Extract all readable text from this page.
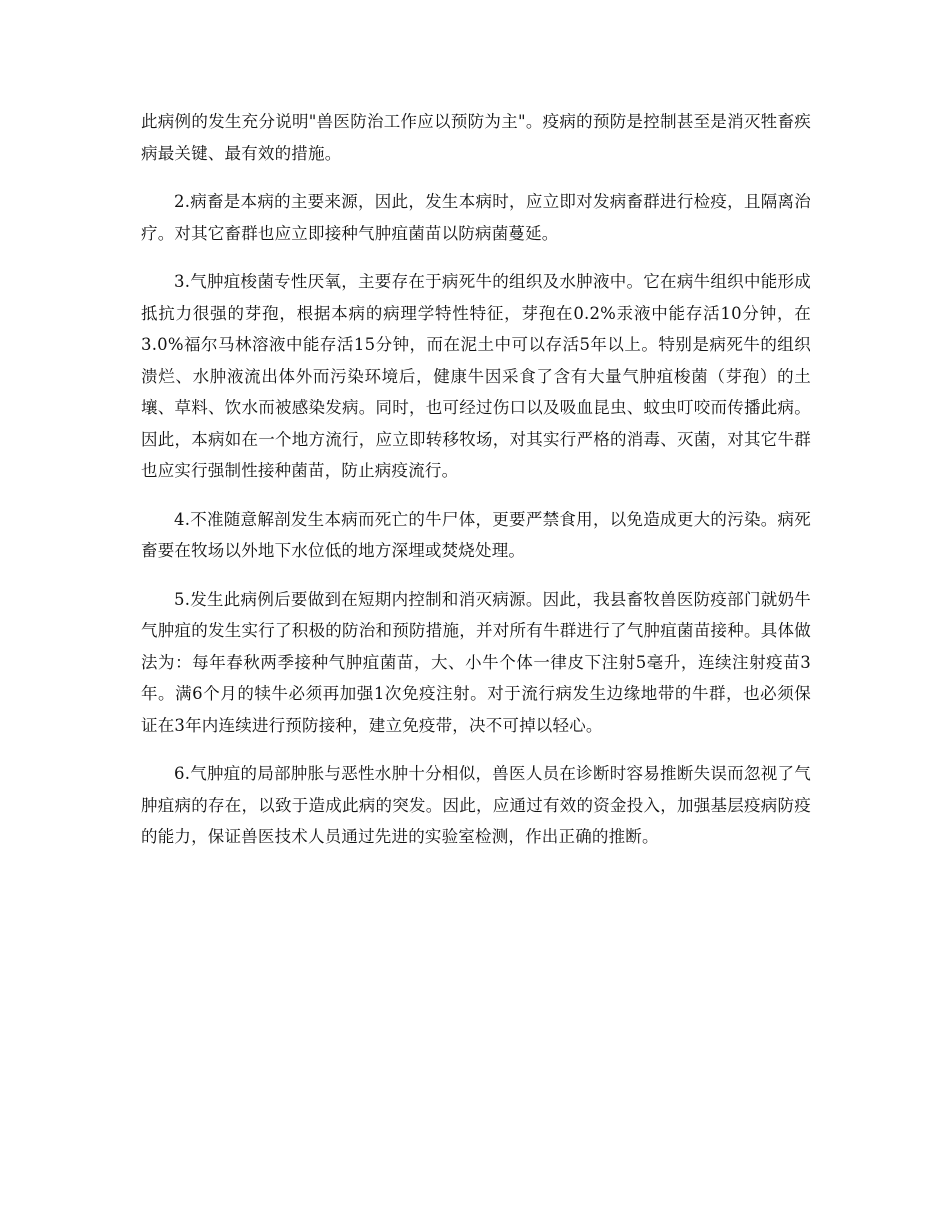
此病例的发生充分说明"兽医防治工作应以预防为主"。疫病的预防是控制甚至是消灭牲畜疾病最关键、最有效的措施。

2.病畜是本病的主要来源，因此，发生本病时，应立即对发病畜群进行检疫，且隔离治疗。对其它畜群也应立即接种气肿疽菌苗以防病菌蔓延。

3.气肿疽梭菌专性厌氧，主要存在于病死牛的组织及水肿液中。它在病牛组织中能形成抵抗力很强的芽孢，根据本病的病理学特性特征，芽孢在0.2%汞液中能存活10分钟，在3.0%福尔马林溶液中能存活15分钟，而在泥土中可以存活5年以上。特别是病死牛的组织溃烂、水肿液流出体外而污染环境后，健康牛因采食了含有大量气肿疽梭菌（芽孢）的土壤、草料、饮水而被感染发病。同时，也可经过伤口以及吸血昆虫、蚊虫叮咬而传播此病。因此，本病如在一个地方流行，应立即转移牧场，对其实行严格的消毒、灭菌，对其它牛群也应实行强制性接种菌苗，防止病疫流行。

4.不准随意解剖发生本病而死亡的牛尸体，更要严禁食用，以免造成更大的污染。病死畜要在牧场以外地下水位低的地方深埋或焚烧处理。

5.发生此病例后要做到在短期内控制和消灭病源。因此，我县畜牧兽医防疫部门就奶牛气肿疽的发生实行了积极的防治和预防措施，并对所有牛群进行了气肿疽菌苗接种。具体做法为：每年春秋两季接种气肿疽菌苗，大、小牛个体一律皮下注射5毫升，连续注射疫苗3年。满6个月的犊牛必须再加强1次免疫注射。对于流行病发生边缘地带的牛群，也必须保证在3年内连续进行预防接种，建立免疫带，决不可掉以轻心。

6.气肿疽的局部肿胀与恶性水肿十分相似，兽医人员在诊断时容易推断失误而忽视了气肿疽病的存在，以致于造成此病的突发。因此，应通过有效的资金投入，加强基层疫病防疫的能力，保证兽医技术人员通过先进的实验室检测，作出正确的推断。
